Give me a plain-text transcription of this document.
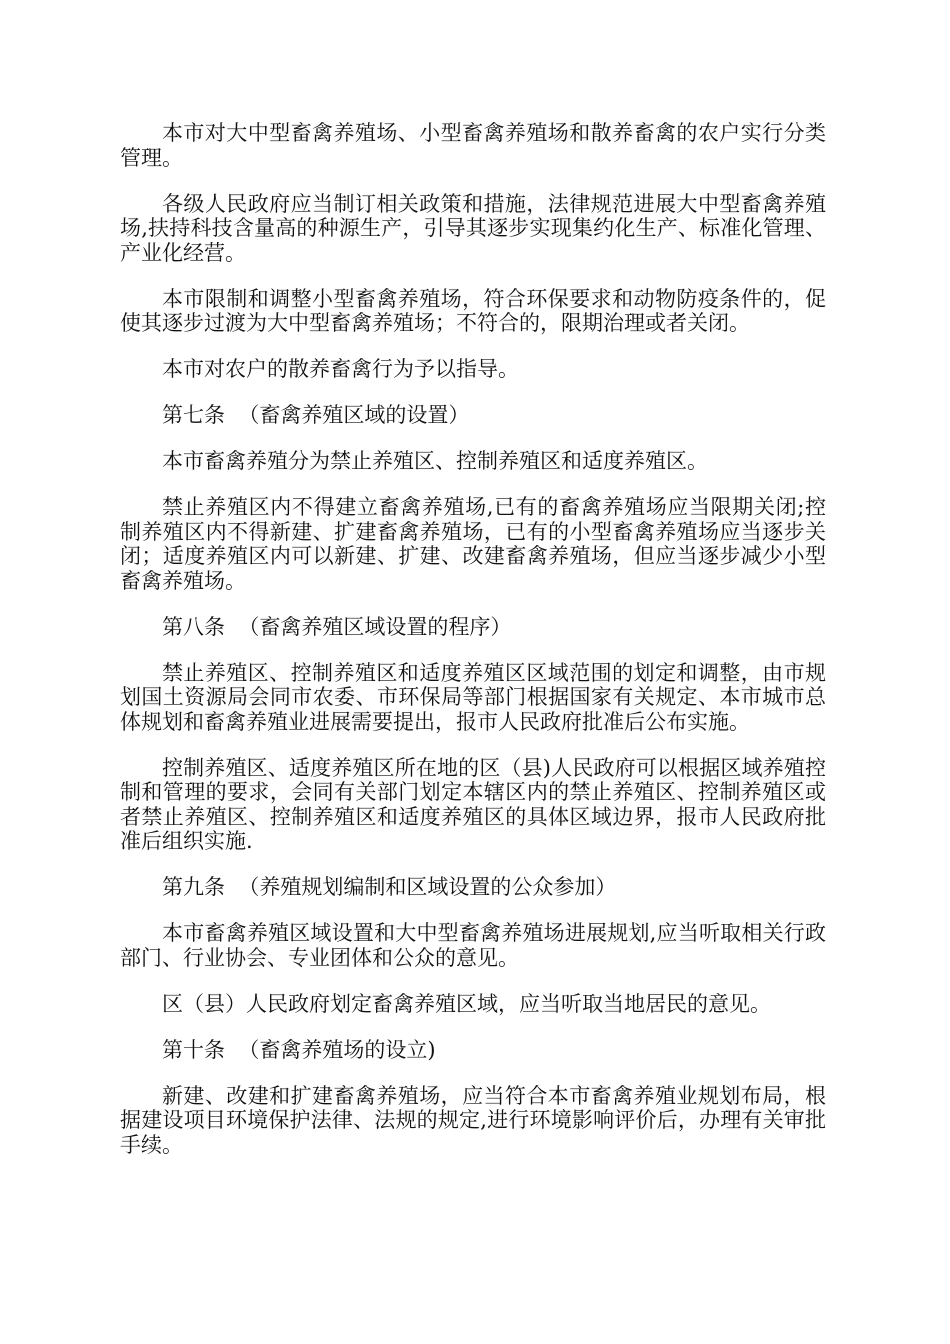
本市对大中型畜禽养殖场、小型畜禽养殖场和散养畜禽的农户实行分类管理。

各级人民政府应当制订相关政策和措施，法律规范进展大中型畜禽养殖场,扶持科技含量高的种源生产，引导其逐步实现集约化生产、标准化管理、产业化经营。

本市限制和调整小型畜禽养殖场，符合环保要求和动物防疫条件的，促使其逐步过渡为大中型畜禽养殖场；不符合的，限期治理或者关闭。

本市对农户的散养畜禽行为予以指导。

第七条  （畜禽养殖区域的设置）

本市畜禽养殖分为禁止养殖区、控制养殖区和适度养殖区。

禁止养殖区内不得建立畜禽养殖场,已有的畜禽养殖场应当限期关闭;控制养殖区内不得新建、扩建畜禽养殖场，已有的小型畜禽养殖场应当逐步关闭；适度养殖区内可以新建、扩建、改建畜禽养殖场，但应当逐步减少小型畜禽养殖场。

第八条  （畜禽养殖区域设置的程序）

禁止养殖区、控制养殖区和适度养殖区区域范围的划定和调整，由市规划国土资源局会同市农委、市环保局等部门根据国家有关规定、本市城市总体规划和畜禽养殖业进展需要提出，报市人民政府批准后公布实施。

控制养殖区、适度养殖区所在地的区（县)人民政府可以根据区域养殖控制和管理的要求，会同有关部门划定本辖区内的禁止养殖区、控制养殖区或者禁止养殖区、控制养殖区和适度养殖区的具体区域边界，报市人民政府批准后组织实施.

第九条  （养殖规划编制和区域设置的公众参加）

本市畜禽养殖区域设置和大中型畜禽养殖场进展规划,应当听取相关行政部门、行业协会、专业团体和公众的意见。

区（县）人民政府划定畜禽养殖区域，应当听取当地居民的意见。

第十条  （畜禽养殖场的设立)

新建、改建和扩建畜禽养殖场，应当符合本市畜禽养殖业规划布局，根据建设项目环境保护法律、法规的规定,进行环境影响评价后，办理有关审批手续。
